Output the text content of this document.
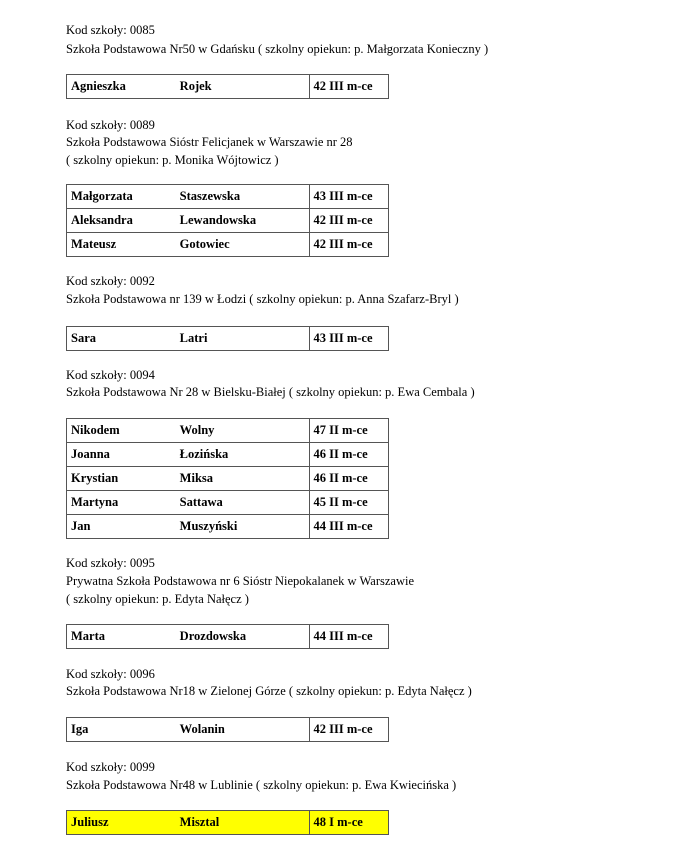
Kod szkoły: 0085
Szkoła Podstawowa Nr50 w Gdańsku ( szkolny opiekun: p. Małgorzata Konieczny )
Agnieszka	Rojek	42 III m-ce
Kod szkoły: 0089
Szkoła Podstawowa Sióstr Felicjanek w Warszawie nr 28
( szkolny opiekun: p. Monika Wójtowicz )
Małgorzata	Staszewska	43 III m-ce
Aleksandra	Lewandowska	42 III m-ce
Mateusz	Gotowiec	42 III m-ce
Kod szkoły: 0092
Szkoła Podstawowa nr 139 w Łodzi ( szkolny opiekun: p. Anna Szafarz-Bryl )
Sara	Latri	43 III m-ce
Kod szkoły: 0094
Szkoła Podstawowa Nr 28 w Bielsku-Białej ( szkolny opiekun: p. Ewa Cembala )
Nikodem	Wolny	47 II m-ce
Joanna	Łozińska	46 II m-ce
Krystian	Miksa	46 II m-ce
Martyna	Sattawa	45 II m-ce
Jan	Muszyński	44 III m-ce
Kod szkoły: 0095
Prywatna Szkoła Podstawowa nr 6 Sióstr Niepokalanek w Warszawie
( szkolny opiekun: p. Edyta Nałęcz )
Marta	Drozdowska	44 III m-ce
Kod szkoły: 0096
Szkoła Podstawowa Nr18 w Zielonej Górze ( szkolny opiekun: p. Edyta Nałęcz )
Iga	Wolanin	42 III m-ce
Kod szkoły: 0099
Szkoła Podstawowa Nr48 w Lublinie ( szkolny opiekun: p. Ewa Kwiecińska )
Juliusz	Misztal	48 I m-ce
